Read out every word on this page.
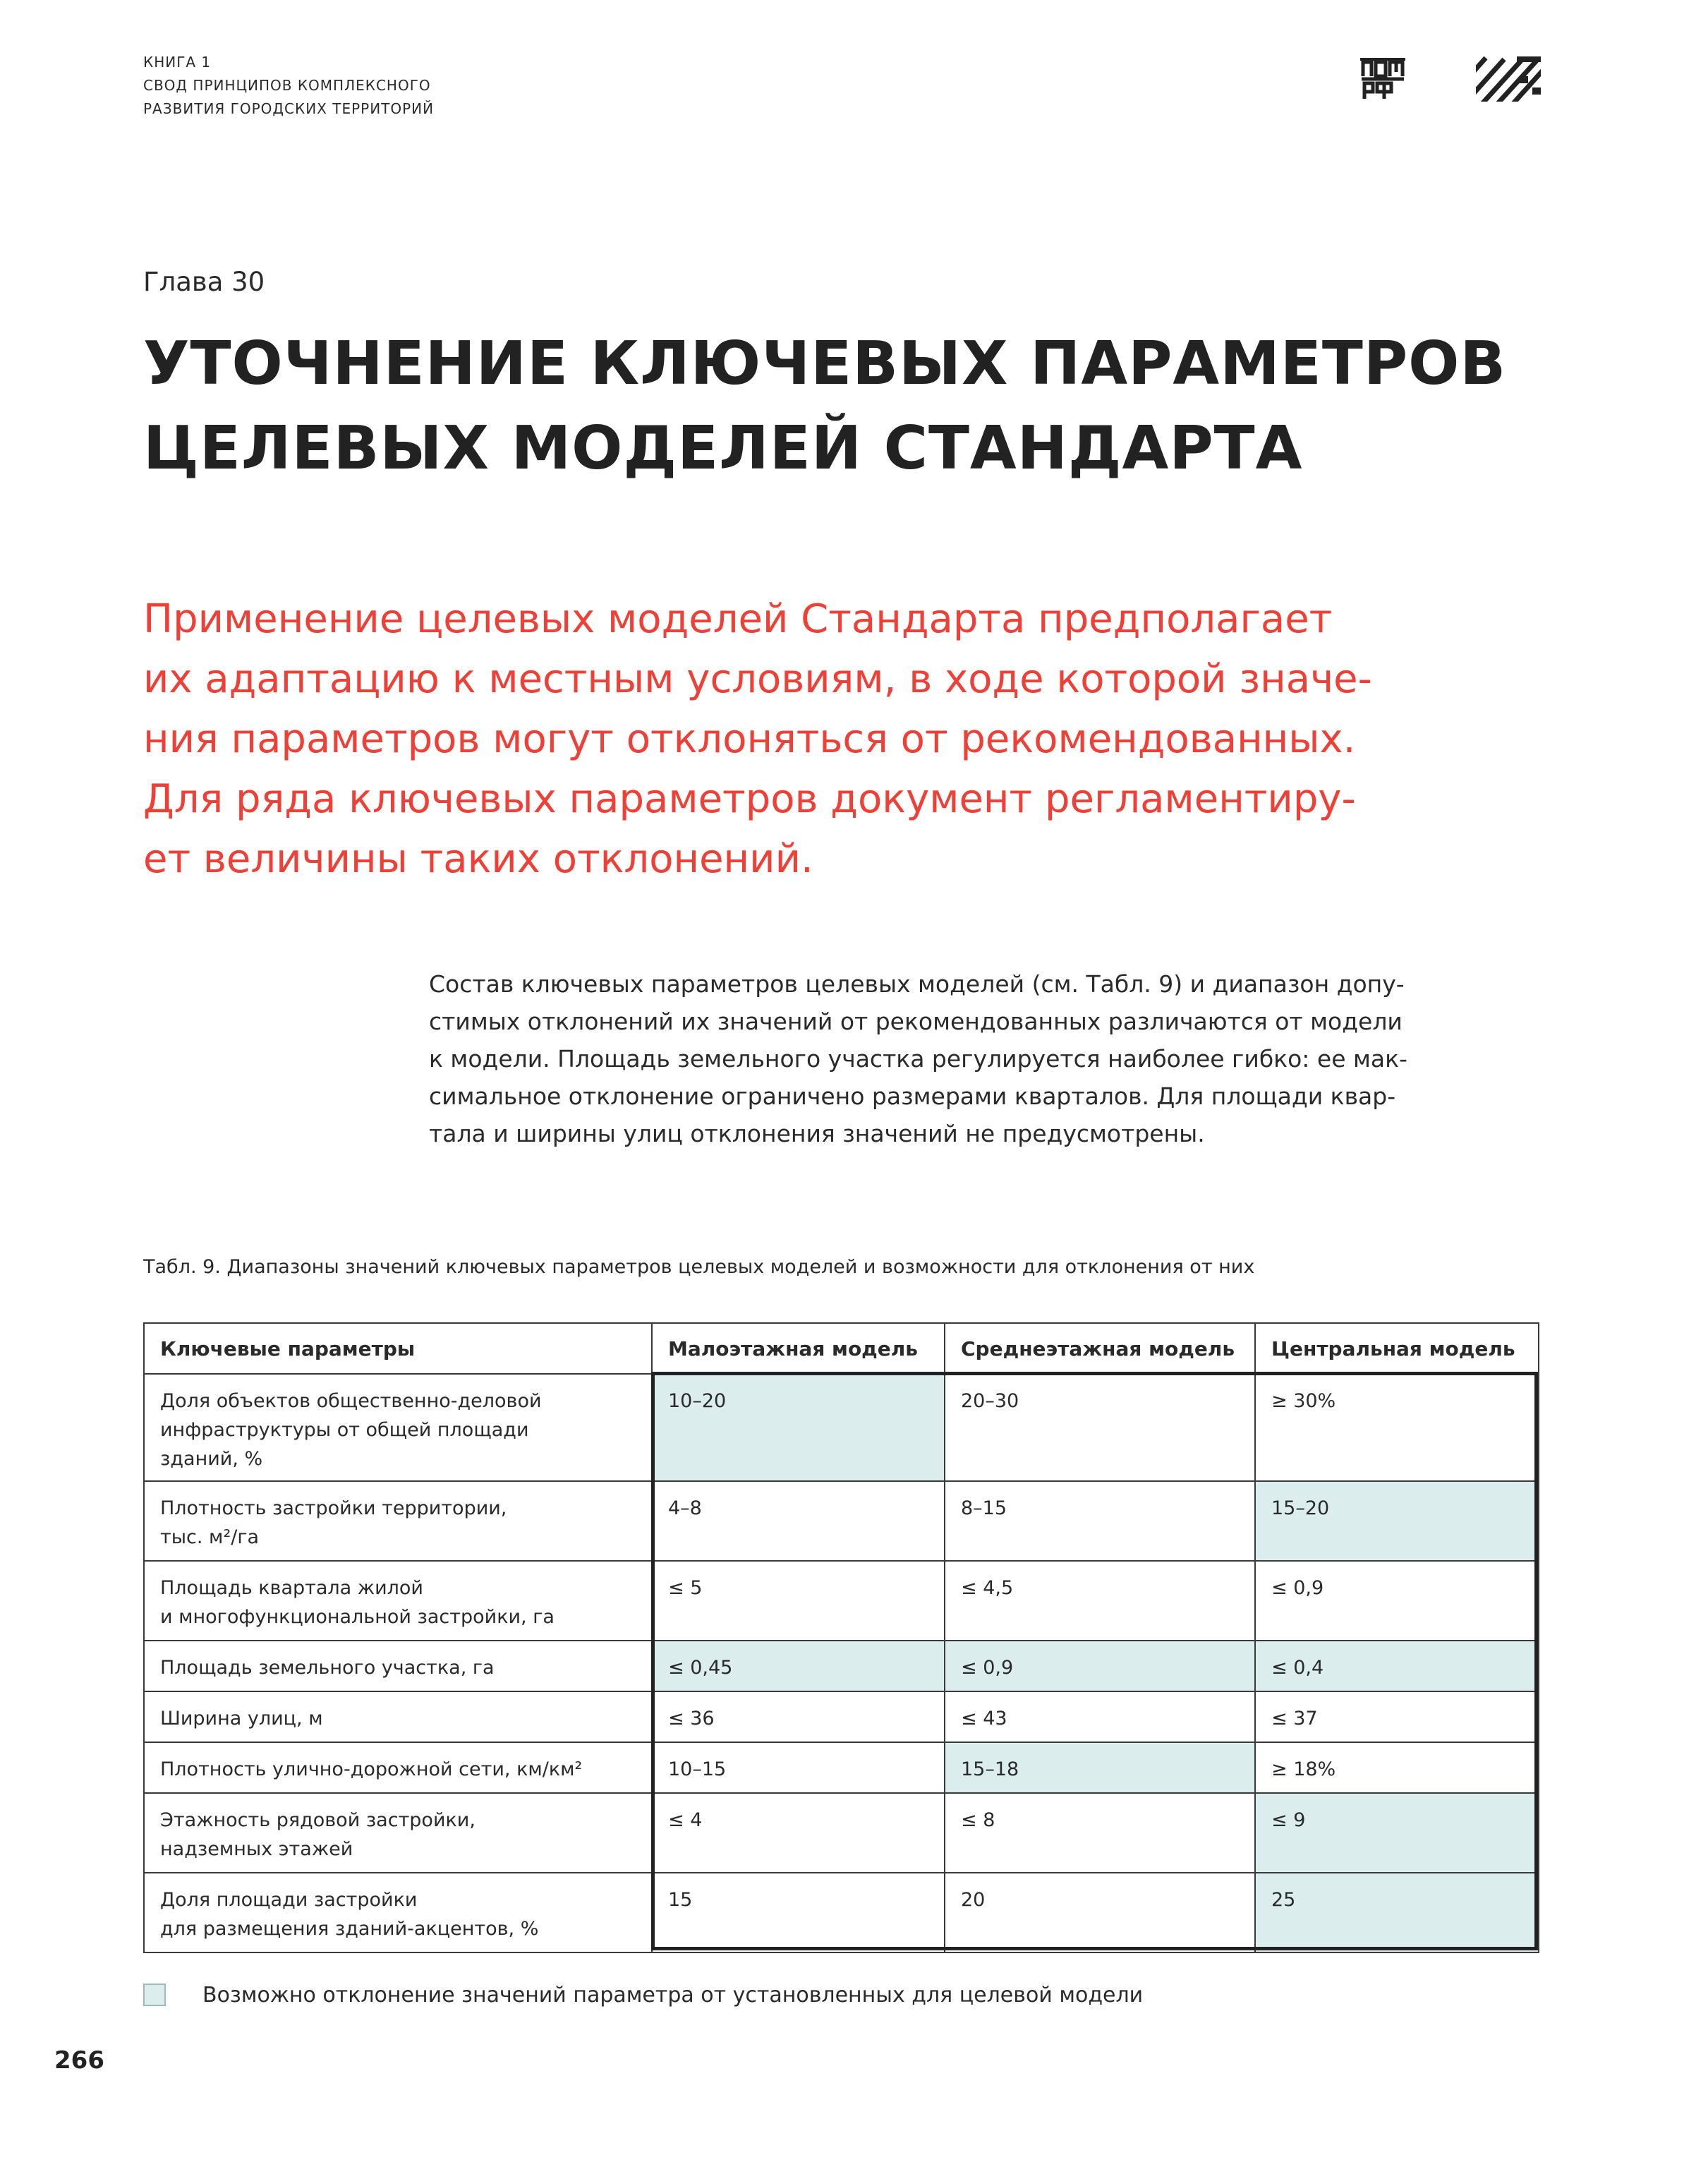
КНИГА 1
СВОД ПРИНЦИПОВ КОМПЛЕКСНОГО
РАЗВИТИЯ ГОРОДСКИХ ТЕРРИТОРИЙ
Глава 30
УТОЧНЕНИЕ КЛЮЧЕВЫХ ПАРАМЕТРОВ
ЦЕЛЕВЫХ МОДЕЛЕЙ СТАНДАРТА
Применение целевых моделей Стандарта предполагает
их адаптацию к местным условиям, в ходе которой значе-
ния параметров могут отклоняться от рекомендованных.
Для ряда ключевых параметров документ регламентиру-
ет величины таких отклонений.
Состав ключевых параметров целевых моделей (см. Табл. 9) и диапазон допу-
стимых отклонений их значений от рекомендованных различаются от модели
к модели. Площадь земельного участка регулируется наиболее гибко: ее мак-
симальное отклонение ограничено размерами кварталов. Для площади квар-
тала и ширины улиц отклонения значений не предусмотрены.
Табл. 9. Диапазоны значений ключевых параметров целевых моделей и возможности для отклонения от них
Ключевые параметры	Малоэтажная модель	Среднеэтажная модель	Центральная модель

Доля объектов общественно-деловой
инфраструктуры от общей площади
зданий, %	10–20	20–30	≥ 30%

Плотность застройки территории,
тыс. м²/га	4–8	8–15	15–20

Площадь квартала жилой
и многофункциональной застройки, га	≤ 5	≤ 4,5	≤ 0,9

Площадь земельного участка, га	≤ 0,45	≤ 0,9	≤ 0,4

Ширина улиц, м	≤ 36	≤ 43	≤ 37

Плотность улично-дорожной сети, км/км²	10–15	15–18	≥ 18%

Этажность рядовой застройки,
надземных этажей	≤ 4	≤ 8	≤ 9

Доля площади застройки
для размещения зданий-акцентов, %	15	20	25
Возможно отклонение значений параметра от установленных для целевой модели
266
